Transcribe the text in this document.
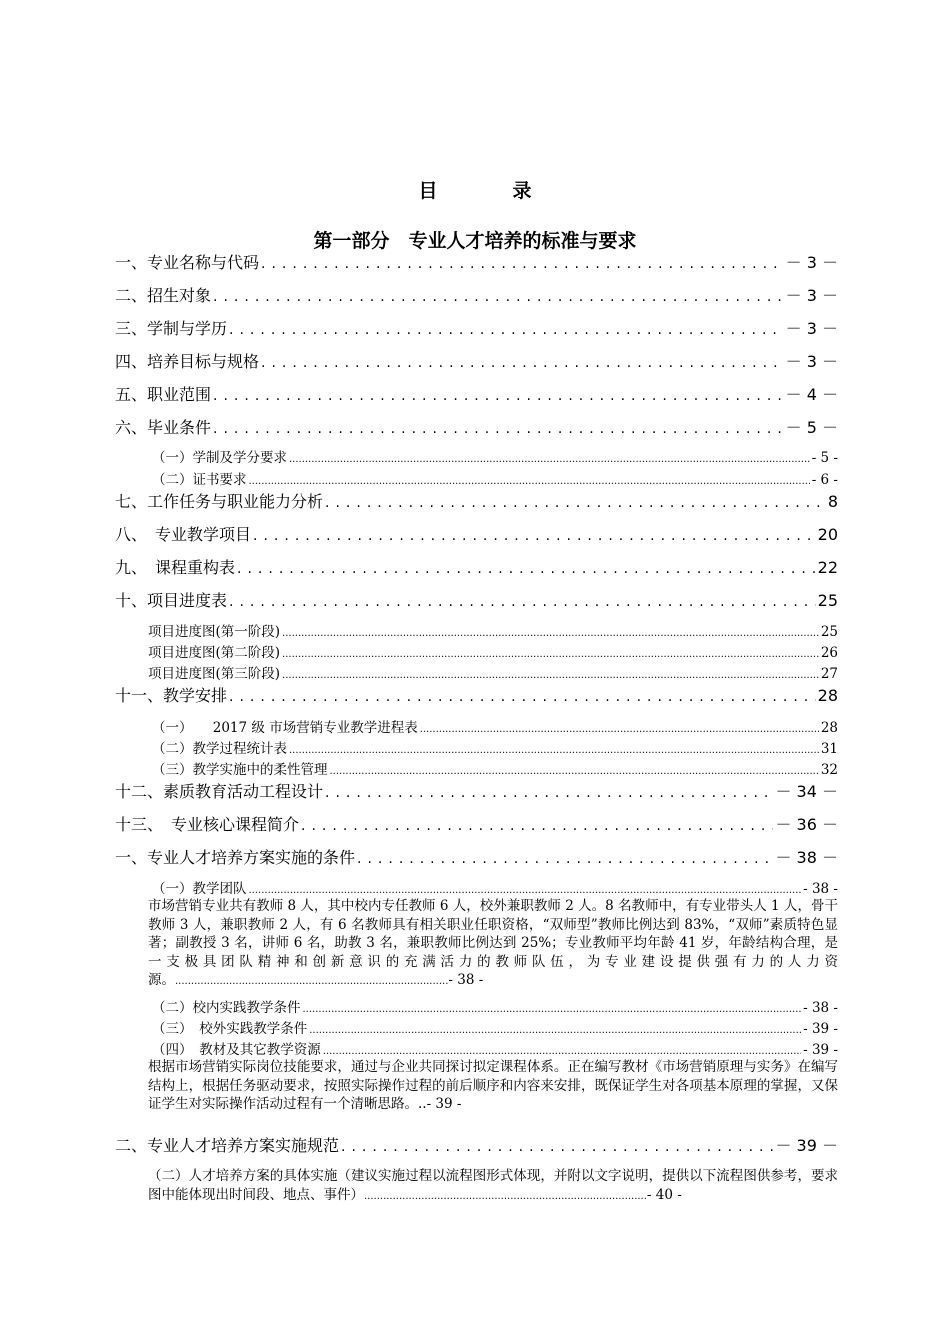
目　录
第一部分　专业人才培养的标准与要求
一、专业名称与代码 .....	－ 3 －
二、招生对象 .....	－ 3 －
三、学制与学历 .....	－ 3 －
四、培养目标与规格 .....	－ 3 －
五、职业范围 .....	－ 4 －
六、毕业条件 .....	－ 5 －
（一）学制及学分要求 .....	- 5 -
（二）证书要求 .....	- 6 -
七、工作任务与职业能力分析 .....	8
八、　专业教学项目 .....	20
九、　课程重构表 .....	22
十、项目进度表 .....	25
项目进度图(第一阶段) .....	25
项目进度图(第二阶段) .....	26
项目进度图(第三阶段) .....	27
十一、教学安排 .....	28
（一）　　2017 级 市场营销专业教学进程表 .....	28
（二）教学过程统计表 .....	31
（三）教学实施中的柔性管理 .....	32
十二、素质教育活动工程设计 .....	－ 34 －
十三、　专业核心课程简介 .....	－ 36 －
一、专业人才培养方案实施的条件 .....	－ 38 －
（一）教学团队 .....	- 38 -
市场营销专业共有教师 8 人，其中校内专任教师 6 人，校外兼职教师 2 人。8 名教师中，有专业带头人 1 人，骨干教师 3 人，兼职教师 2 人，有 6 名教师具有相关职业任职资格，“双师型”教师比例达到 83%，“双师”素质特色显著；副教授 3 名，讲师 6 名，助教 3 名，兼职教师比例达到 25%；专业教师平均年龄 41 岁，年龄结构合理，是一支极具团队精神和创新意识的充满活力的教师队伍，为专业建设提供强有力的人力资源。......................................................................................- 38 -
（二）校内实践教学条件 .....	- 38 -
（三）　校外实践教学条件 .....	- 39 -
（四）　教材及其它教学资源 .....	- 39 -
根据市场营销实际岗位技能要求，通过与企业共同探讨拟定课程体系。正在编写教材《市场营销原理与实务》在编写结构上，根据任务驱动要求，按照实际操作过程的前后顺序和内容来安排，既保证学生对各项基本原理的掌握，又保证学生对实际操作活动过程有一个清晰思路。..- 39 -
二、专业人才培养方案实施规范 .....	－ 39 －
（二）人才培养方案的具体实施（建议实施过程以流程图形式体现，并附以文字说明，提供以下流程图供参考，要求图中能体现出时间段、地点、事件）.........................................................................................- 40 -
